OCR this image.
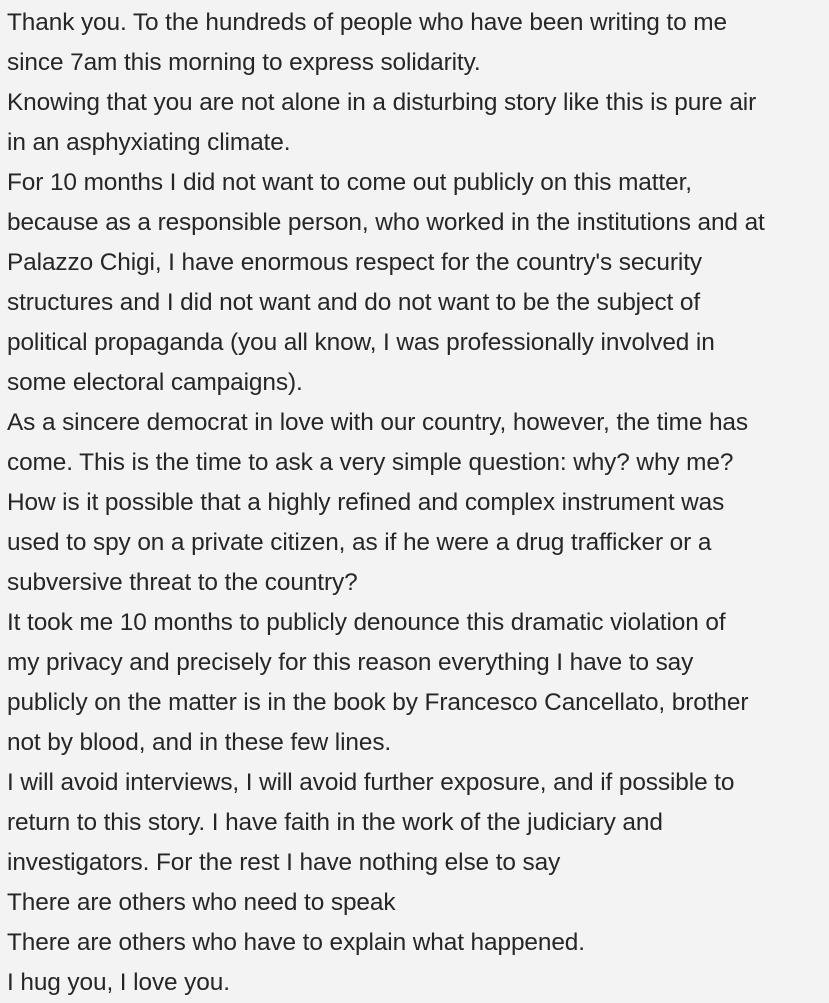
Thank you. To the hundreds of people who have been writing to me
since 7am this morning to express solidarity.
Knowing that you are not alone in a disturbing story like this is pure air
in an asphyxiating climate.
For 10 months I did not want to come out publicly on this matter,
because as a responsible person, who worked in the institutions and at
Palazzo Chigi, I have enormous respect for the country's security
structures and I did not want and do not want to be the subject of
political propaganda (you all know, I was professionally involved in
some electoral campaigns).
As a sincere democrat in love with our country, however, the time has
come. This is the time to ask a very simple question: why? why me?
How is it possible that a highly refined and complex instrument was
used to spy on a private citizen, as if he were a drug trafficker or a
subversive threat to the country?
It took me 10 months to publicly denounce this dramatic violation of
my privacy and precisely for this reason everything I have to say
publicly on the matter is in the book by Francesco Cancellato, brother
not by blood, and in these few lines.
I will avoid interviews, I will avoid further exposure, and if possible to
return to this story. I have faith in the work of the judiciary and
investigators. For the rest I have nothing else to say
There are others who need to speak
There are others who have to explain what happened.
I hug you, I love you.
